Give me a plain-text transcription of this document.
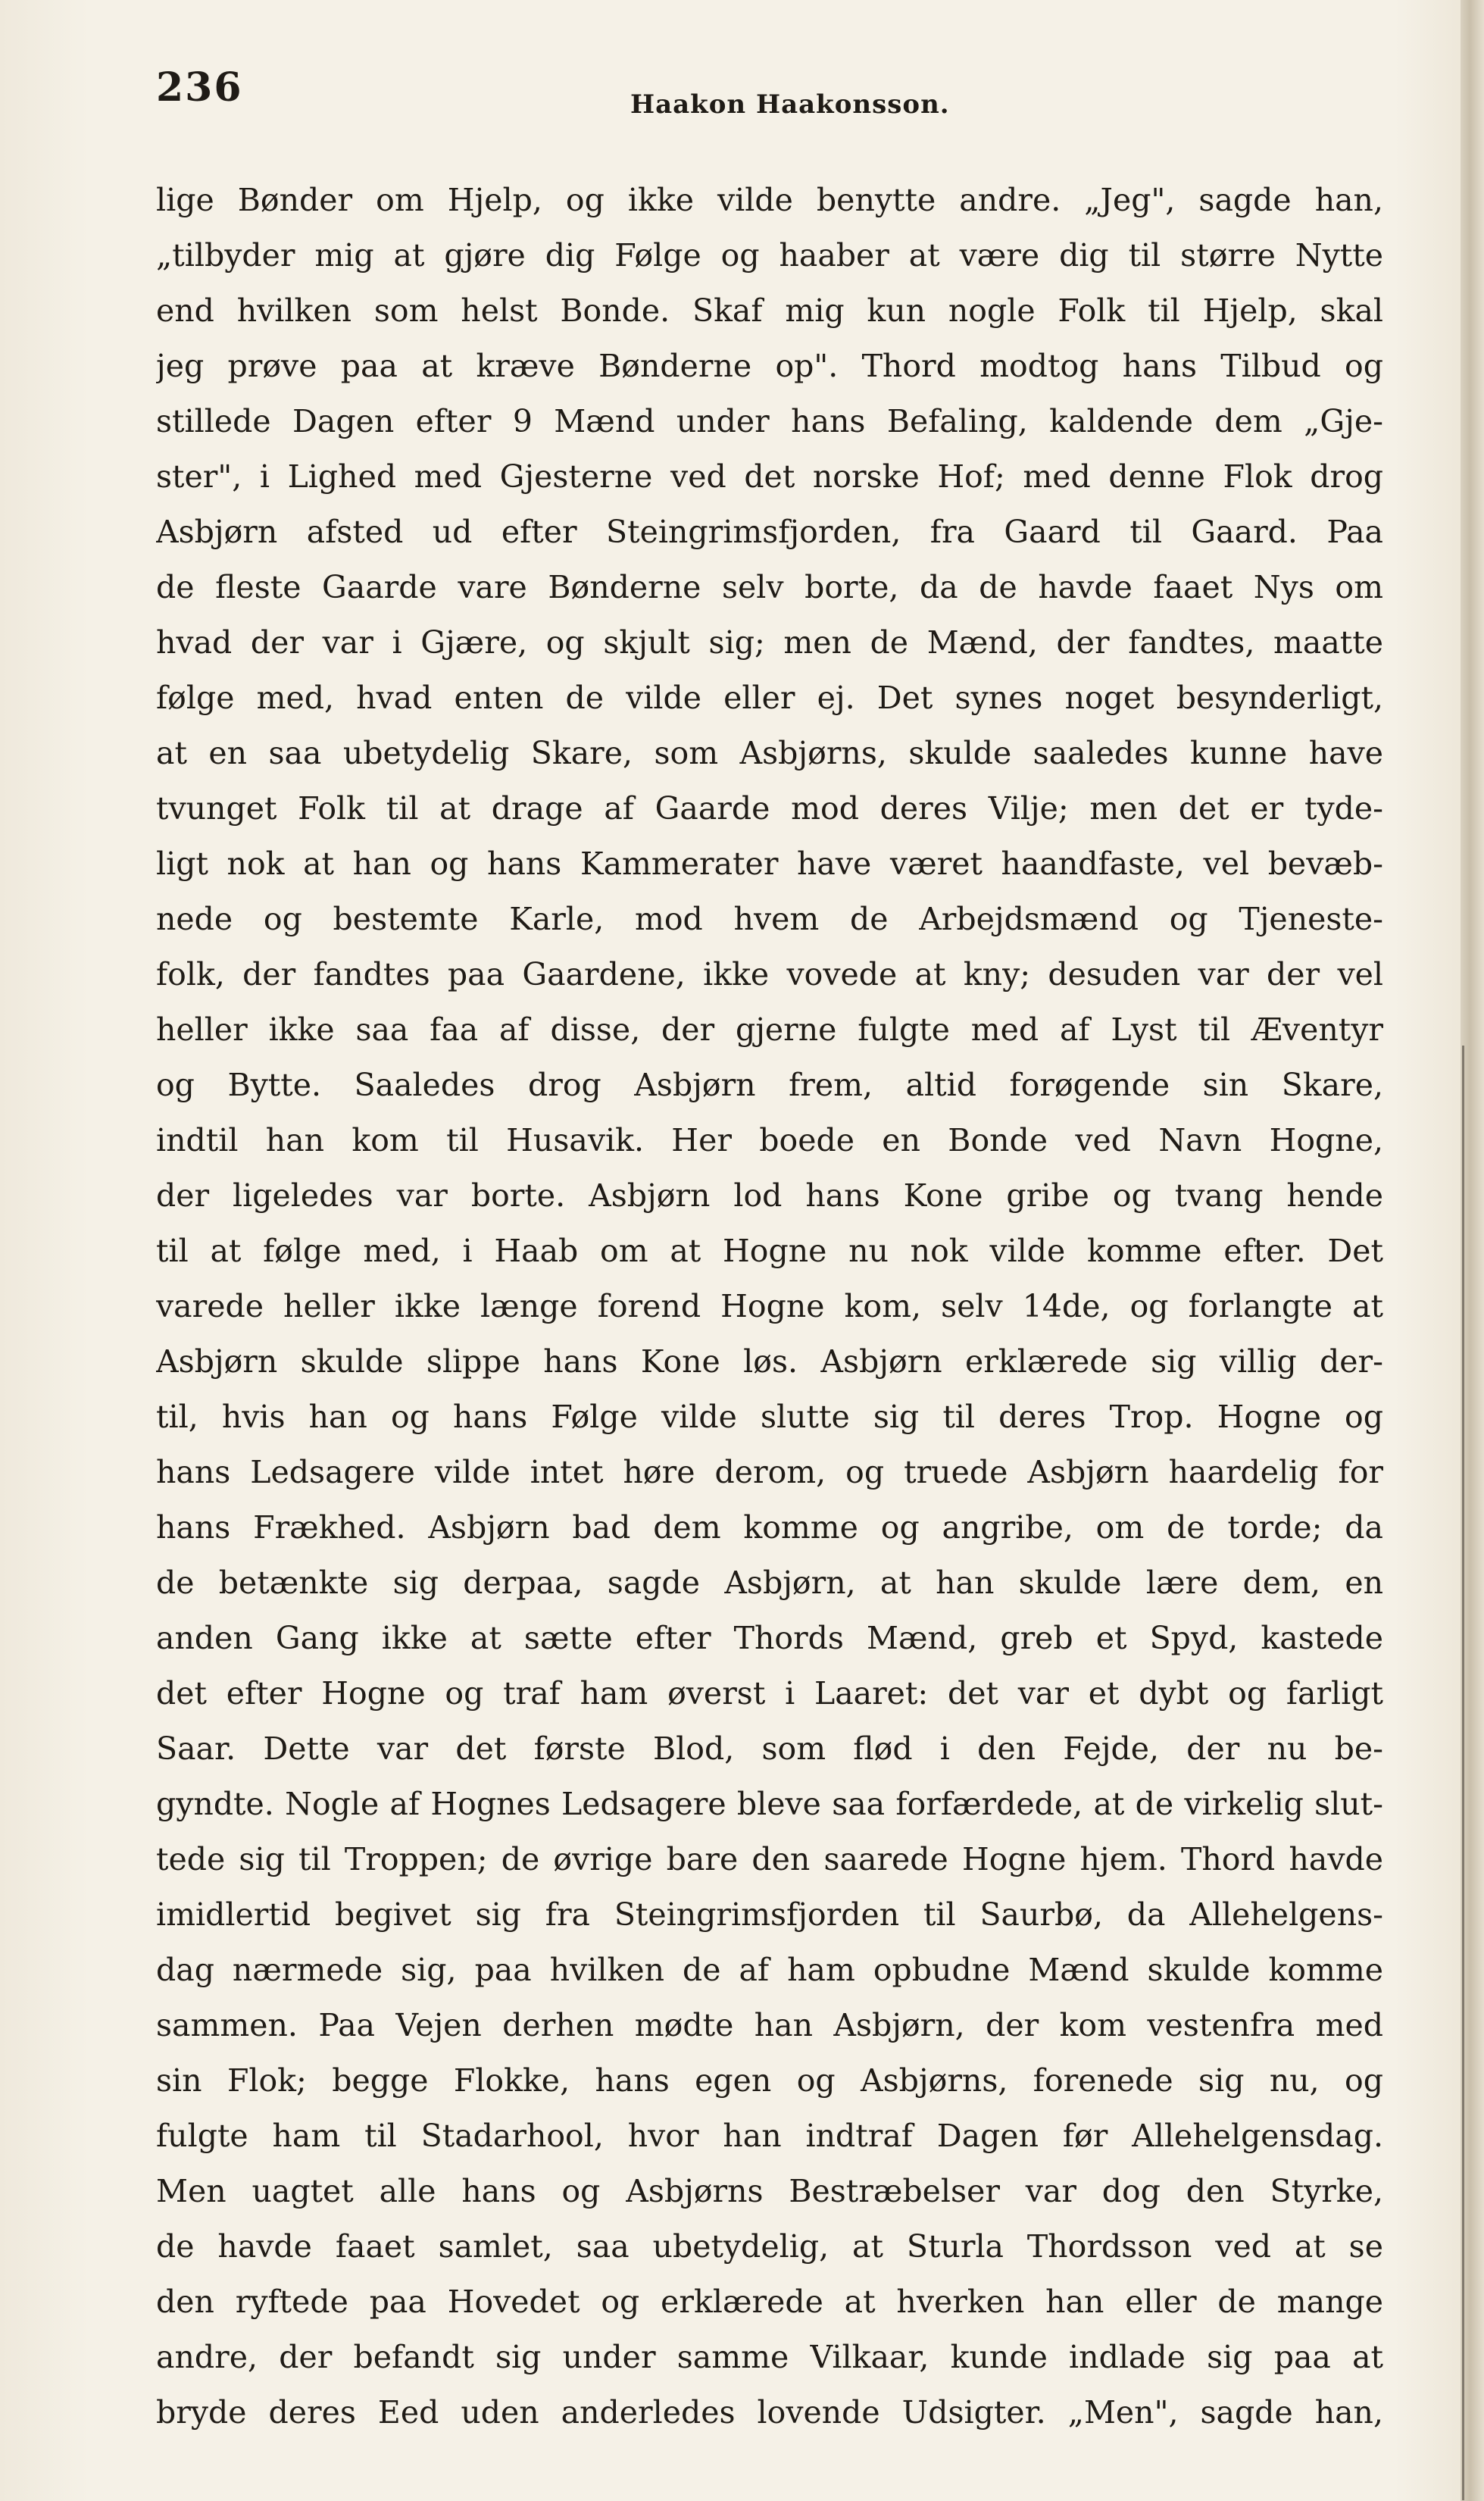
236	Haakon Haakonsson.
lige Bønder om Hjelp, og ikke vilde benytte andre. „Jeg", sagde han,
„tilbyder mig at gjøre dig Følge og haaber at være dig til større Nytte
end hvilken som helst Bonde. Skaf mig kun nogle Folk til Hjelp, skal
jeg prøve paa at kræve Bønderne op". Thord modtog hans Tilbud og
stillede Dagen efter 9 Mænd under hans Befaling, kaldende dem „Gje-
ster", i Lighed med Gjesterne ved det norske Hof; med denne Flok drog
Asbjørn afsted ud efter Steingrimsfjorden, fra Gaard til Gaard. Paa
de fleste Gaarde vare Bønderne selv borte, da de havde faaet Nys om
hvad der var i Gjære, og skjult sig; men de Mænd, der fandtes, maatte
følge med, hvad enten de vilde eller ej. Det synes noget besynderligt,
at en saa ubetydelig Skare, som Asbjørns, skulde saaledes kunne have
tvunget Folk til at drage af Gaarde mod deres Vilje; men det er tyde-
ligt nok at han og hans Kammerater have været haandfaste, vel bevæb-
nede og bestemte Karle, mod hvem de Arbejdsmænd og Tjeneste-
folk, der fandtes paa Gaardene, ikke vovede at kny; desuden var der vel
heller ikke saa faa af disse, der gjerne fulgte med af Lyst til Æventyr
og Bytte. Saaledes drog Asbjørn frem, altid forøgende sin Skare,
indtil han kom til Husavik. Her boede en Bonde ved Navn Hogne,
der ligeledes var borte. Asbjørn lod hans Kone gribe og tvang hende
til at følge med, i Haab om at Hogne nu nok vilde komme efter. Det
varede heller ikke længe forend Hogne kom, selv 14de, og forlangte at
Asbjørn skulde slippe hans Kone løs. Asbjørn erklærede sig villig der-
til, hvis han og hans Følge vilde slutte sig til deres Trop. Hogne og
hans Ledsagere vilde intet høre derom, og truede Asbjørn haardelig for
hans Frækhed. Asbjørn bad dem komme og angribe, om de torde; da
de betænkte sig derpaa, sagde Asbjørn, at han skulde lære dem, en
anden Gang ikke at sætte efter Thords Mænd, greb et Spyd, kastede
det efter Hogne og traf ham øverst i Laaret: det var et dybt og farligt
Saar. Dette var det første Blod, som flød i den Fejde, der nu be-
gyndte. Nogle af Hognes Ledsagere bleve saa forfærdede, at de virkelig slut-
tede sig til Troppen; de øvrige bare den saarede Hogne hjem. Thord havde
imidlertid begivet sig fra Steingrimsfjorden til Saurbø, da Allehelgens-
dag nærmede sig, paa hvilken de af ham opbudne Mænd skulde komme
sammen. Paa Vejen derhen mødte han Asbjørn, der kom vestenfra med
sin Flok; begge Flokke, hans egen og Asbjørns, forenede sig nu, og
fulgte ham til Stadarhool, hvor han indtraf Dagen før Allehelgensdag.
Men uagtet alle hans og Asbjørns Bestræbelser var dog den Styrke,
de havde faaet samlet, saa ubetydelig, at Sturla Thordsson ved at se
den ryftede paa Hovedet og erklærede at hverken han eller de mange
andre, der befandt sig under samme Vilkaar, kunde indlade sig paa at
bryde deres Eed uden anderledes lovende Udsigter. „Men", sagde han,
